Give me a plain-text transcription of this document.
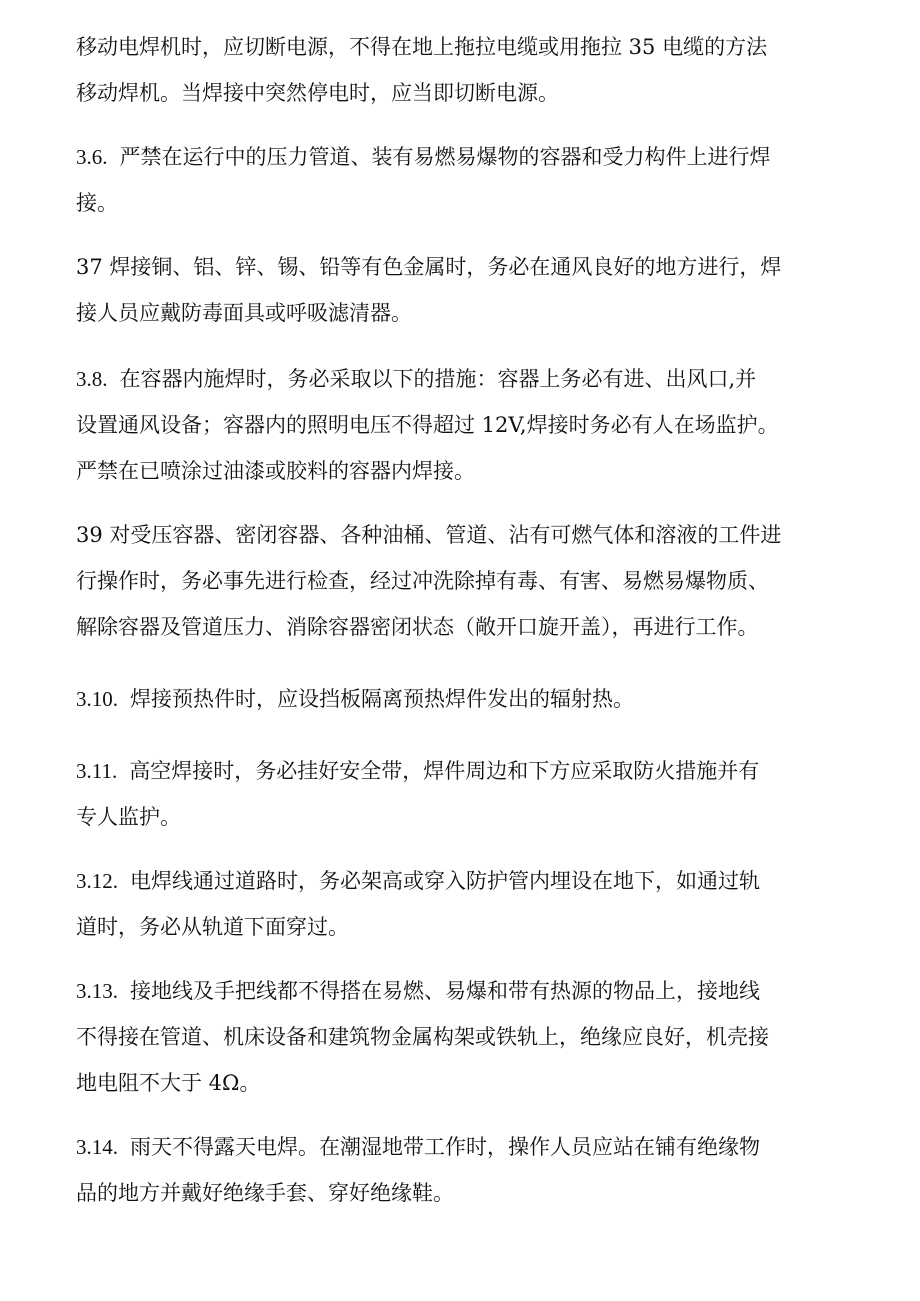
移动电焊机时，应切断电源，不得在地上拖拉电缆或用拖拉 35 电缆的方法
移动焊机。当焊接中突然停电时，应当即切断电源。
3.6. 严禁在运行中的压力管道、装有易燃易爆物的容器和受力构件上进行焊
接。
37 焊接铜、铝、锌、锡、铅等有色金属时，务必在通风良好的地方进行，焊
接人员应戴防毒面具或呼吸滤清器。
3.8. 在容器内施焊时，务必采取以下的措施：容器上务必有进、出风口,并
设置通风设备；容器内的照明电压不得超过 12V,焊接时务必有人在场监护。
严禁在已喷涂过油漆或胶料的容器内焊接。
39 对受压容器、密闭容器、各种油桶、管道、沾有可燃气体和溶液的工件进
行操作时，务必事先进行检查，经过冲洗除掉有毒、有害、易燃易爆物质、
解除容器及管道压力、消除容器密闭状态（敞开口旋开盖），再进行工作。
3.10. 焊接预热件时，应设挡板隔离预热焊件发出的辐射热。
3.11. 高空焊接时，务必挂好安全带，焊件周边和下方应采取防火措施并有
专人监护。
3.12. 电焊线通过道路时，务必架高或穿入防护管内埋设在地下，如通过轨
道时，务必从轨道下面穿过。
3.13. 接地线及手把线都不得搭在易燃、易爆和带有热源的物品上，接地线
不得接在管道、机床设备和建筑物金属构架或铁轨上，绝缘应良好，机壳接
地电阻不大于 4Ω。
3.14. 雨天不得露天电焊。在潮湿地带工作时，操作人员应站在铺有绝缘物
品的地方并戴好绝缘手套、穿好绝缘鞋。
